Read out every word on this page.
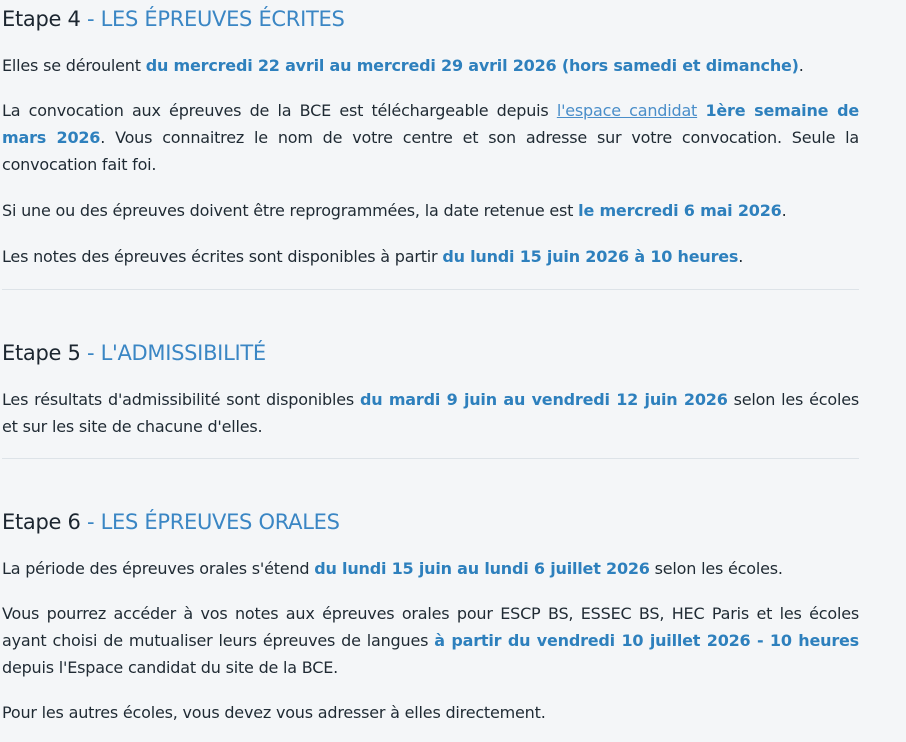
Etape 4 - LES ÉPREUVES ÉCRITES

Elles se déroulent du mercredi 22 avril au mercredi 29 avril 2026 (hors samedi et dimanche).

La convocation aux épreuves de la BCE est téléchargeable depuis l'espace candidat 1ère semaine de mars 2026. Vous connaitrez le nom de votre centre et son adresse sur votre convocation. Seule la convocation fait foi.

Si une ou des épreuves doivent être reprogrammées, la date retenue est le mercredi 6 mai 2026.

Les notes des épreuves écrites sont disponibles à partir du lundi 15 juin 2026 à 10 heures.

Etape 5 - L'ADMISSIBILITÉ

Les résultats d'admissibilité sont disponibles du mardi 9 juin au vendredi 12 juin 2026 selon les écoles et sur les site de chacune d'elles.

Etape 6 - LES ÉPREUVES ORALES

La période des épreuves orales s'étend du lundi 15 juin au lundi 6 juillet 2026 selon les écoles.

Vous pourrez accéder à vos notes aux épreuves orales pour ESCP BS, ESSEC BS, HEC Paris et les écoles ayant choisi de mutualiser leurs épreuves de langues à partir du vendredi 10 juillet 2026 - 10 heures depuis l'Espace candidat du site de la BCE.

Pour les autres écoles, vous devez vous adresser à elles directement.
